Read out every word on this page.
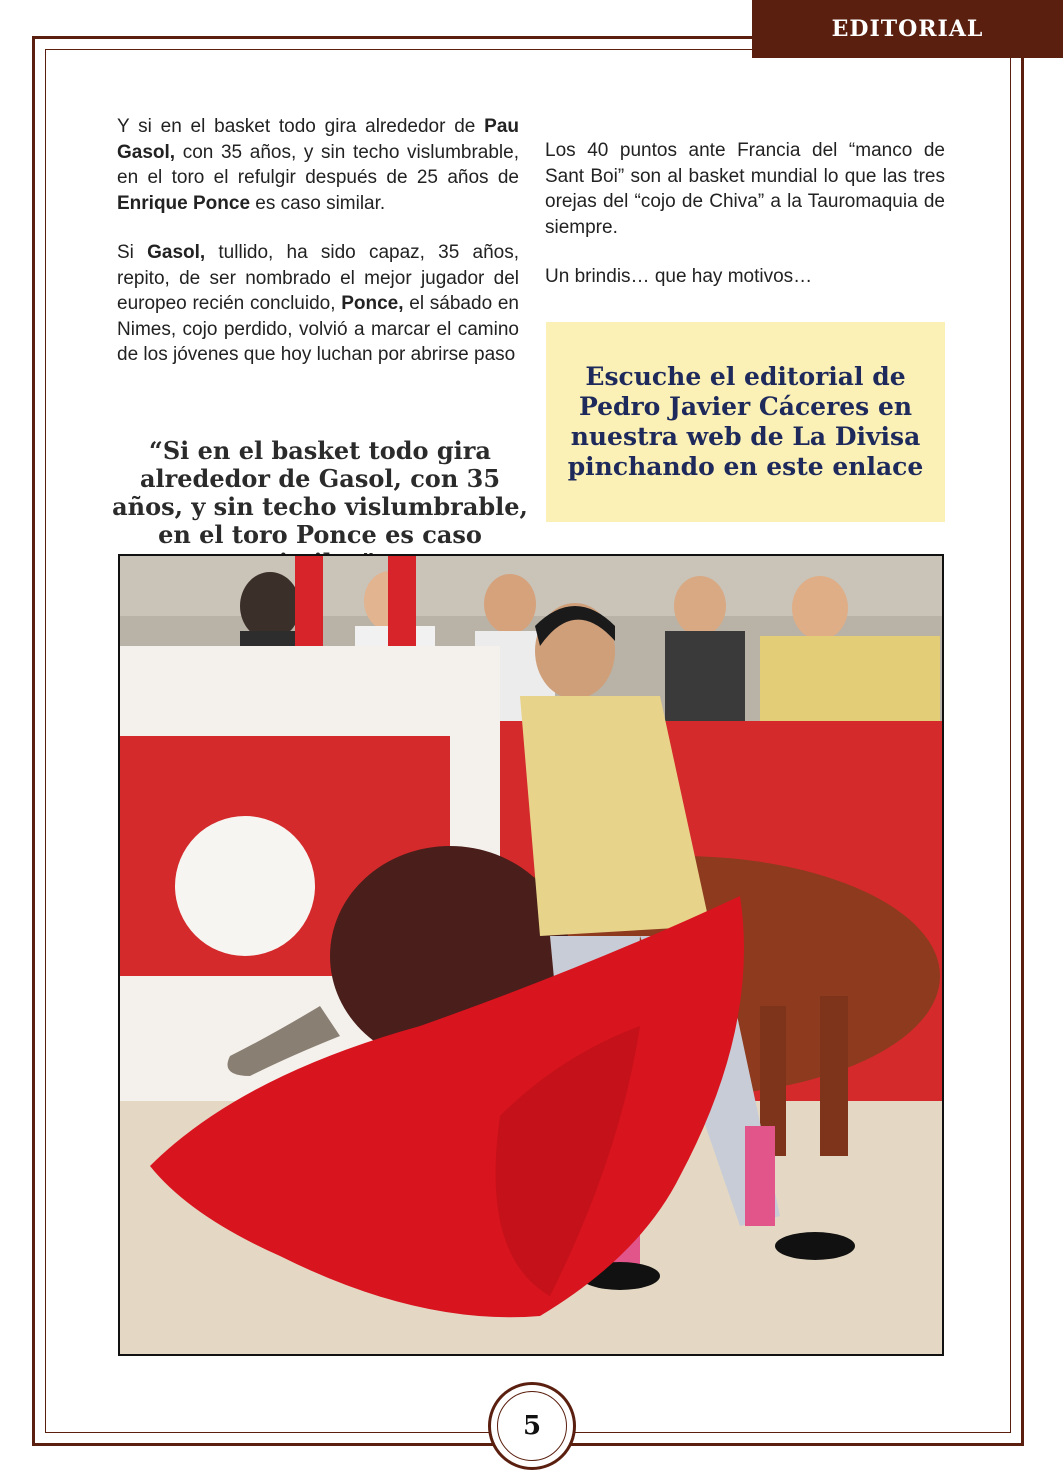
EDITORIAL

Y si en el basket todo gira alrededor de Pau Gasol, con 35 años, y sin techo vislumbrable, en el toro el refulgir después de 25 años de Enrique Ponce es caso similar.

Si Gasol, tullido, ha sido capaz, 35 años, repito, de ser nombrado el mejor jugador del europeo recién concluido, Ponce, el sábado en Nimes, cojo perdido, volvió a marcar el camino de los jóvenes que hoy luchan por abrirse paso

“Si en el basket todo gira alrededor de Gasol, con 35 años, y sin techo vislumbrable, en el toro Ponce es caso

Los 40 puntos ante Francia del “manco de Sant Boi” son al basket mundial lo que las tres orejas del “cojo de Chiva” a la Tauromaquia de siempre.

Un brindis… que hay motivos…

Escuche el editorial de Pedro Javier Cáceres en nuestra web de La Divisa pinchando en este enlace
5
